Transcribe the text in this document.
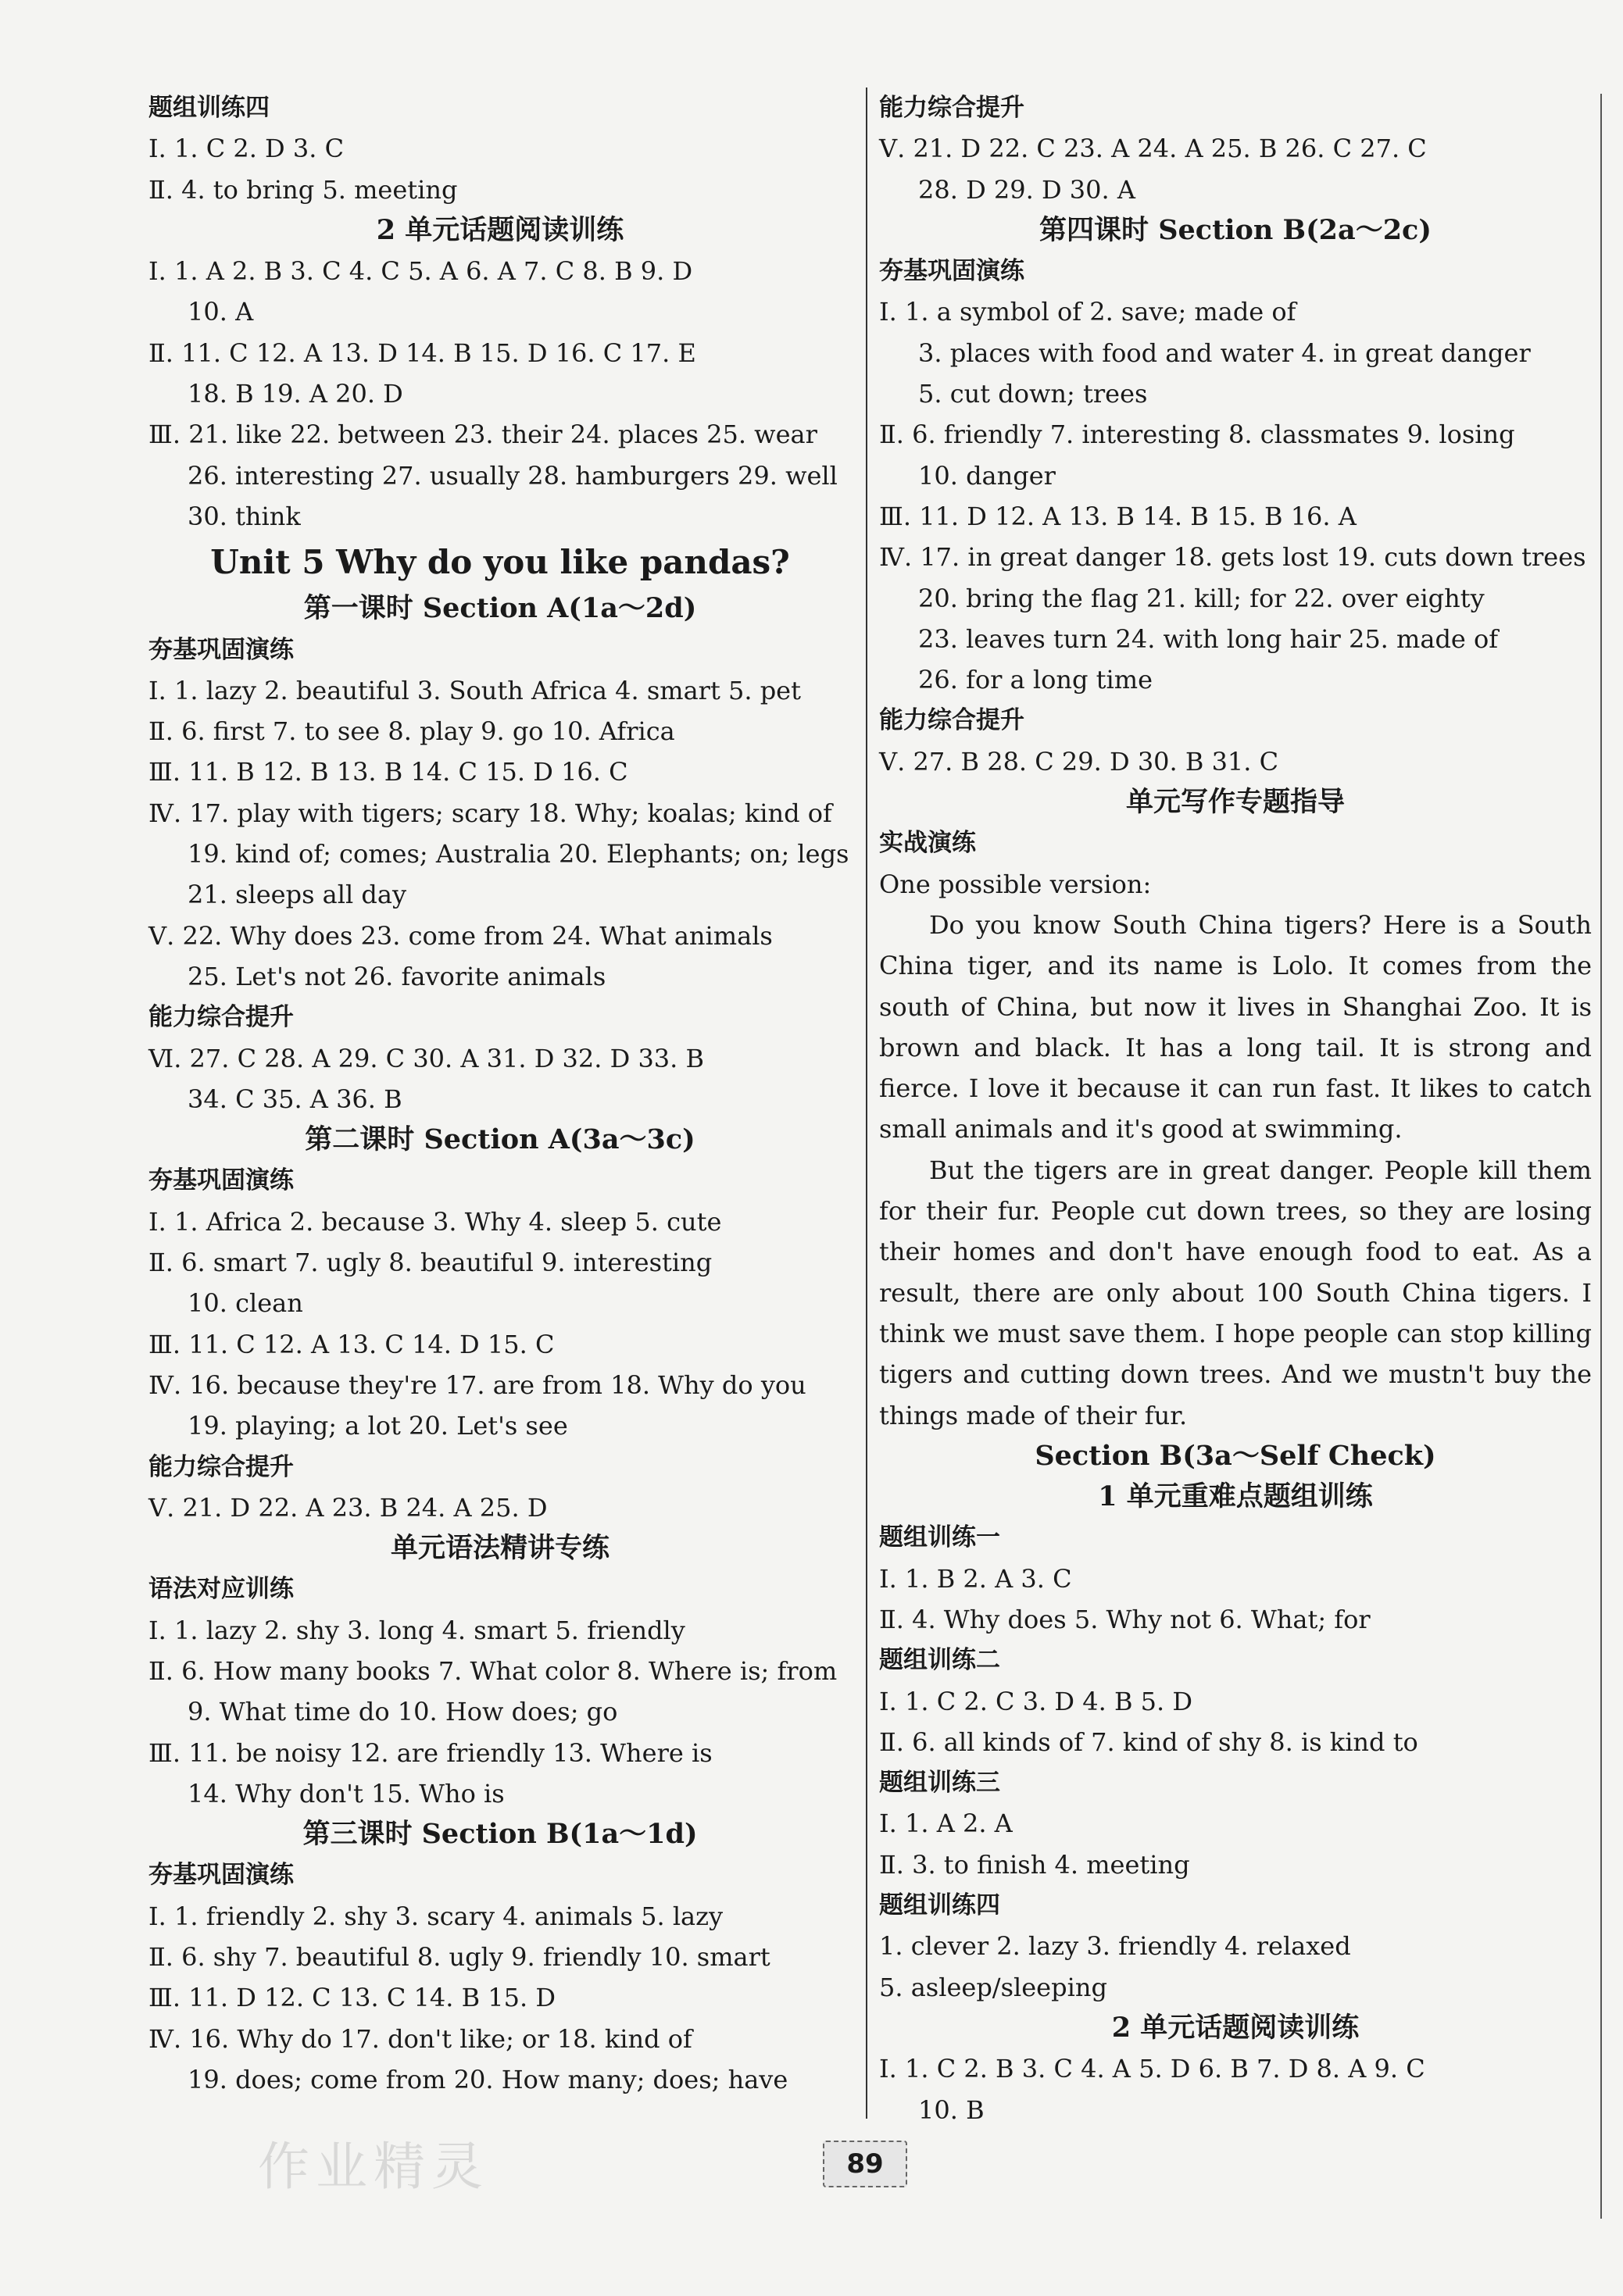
题组训练四
Ⅰ. 1. C 2. D 3. C
Ⅱ. 4. to bring 5. meeting
2 单元话题阅读训练
Ⅰ. 1. A 2. B 3. C 4. C 5. A 6. A 7. C 8. B 9. D
10. A
Ⅱ. 11. C 12. A 13. D 14. B 15. D 16. C 17. E
18. B 19. A 20. D
Ⅲ. 21. like 22. between 23. their 24. places 25. wear
26. interesting 27. usually 28. hamburgers 29. well
30. think
Unit 5 Why do you like pandas?
第一课时 Section A(1a～2d)
夯基巩固演练
Ⅰ. 1. lazy 2. beautiful 3. South Africa 4. smart 5. pet
Ⅱ. 6. first 7. to see 8. play 9. go 10. Africa
Ⅲ. 11. B 12. B 13. B 14. C 15. D 16. C
Ⅳ. 17. play with tigers; scary 18. Why; koalas; kind of
19. kind of; comes; Australia 20. Elephants; on; legs
21. sleeps all day
Ⅴ. 22. Why does 23. come from 24. What animals
25. Let's not 26. favorite animals
能力综合提升
Ⅵ. 27. C 28. A 29. C 30. A 31. D 32. D 33. B
34. C 35. A 36. B
第二课时 Section A(3a～3c)
夯基巩固演练
Ⅰ. 1. Africa 2. because 3. Why 4. sleep 5. cute
Ⅱ. 6. smart 7. ugly 8. beautiful 9. interesting
10. clean
Ⅲ. 11. C 12. A 13. C 14. D 15. C
Ⅳ. 16. because they're 17. are from 18. Why do you
19. playing; a lot 20. Let's see
能力综合提升
Ⅴ. 21. D 22. A 23. B 24. A 25. D
单元语法精讲专练
语法对应训练
Ⅰ. 1. lazy 2. shy 3. long 4. smart 5. friendly
Ⅱ. 6. How many books 7. What color 8. Where is; from
9. What time do 10. How does; go
Ⅲ. 11. be noisy 12. are friendly 13. Where is
14. Why don't 15. Who is
第三课时 Section B(1a～1d)
夯基巩固演练
Ⅰ. 1. friendly 2. shy 3. scary 4. animals 5. lazy
Ⅱ. 6. shy 7. beautiful 8. ugly 9. friendly 10. smart
Ⅲ. 11. D 12. C 13. C 14. B 15. D
Ⅳ. 16. Why do 17. don't like; or 18. kind of
19. does; come from 20. How many; does; have
能力综合提升
Ⅴ. 21. D 22. C 23. A 24. A 25. B 26. C 27. C
28. D 29. D 30. A
第四课时 Section B(2a～2c)
夯基巩固演练
Ⅰ. 1. a symbol of 2. save; made of
3. places with food and water 4. in great danger
5. cut down; trees
Ⅱ. 6. friendly 7. interesting 8. classmates 9. losing
10. danger
Ⅲ. 11. D 12. A 13. B 14. B 15. B 16. A
Ⅳ. 17. in great danger 18. gets lost 19. cuts down trees
20. bring the flag 21. kill; for 22. over eighty
23. leaves turn 24. with long hair 25. made of
26. for a long time
能力综合提升
Ⅴ. 27. B 28. C 29. D 30. B 31. C
单元写作专题指导
实战演练
One possible version:
Do you know South China tigers? Here is a South China tiger, and its name is Lolo. It comes from the south of China, but now it lives in Shanghai Zoo. It is brown and black. It has a long tail. It is strong and fierce. I love it because it can run fast. It likes to catch small animals and it's good at swimming.
But the tigers are in great danger. People kill them for their fur. People cut down trees, so they are losing their homes and don't have enough food to eat. As a result, there are only about 100 South China tigers. I think we must save them. I hope people can stop killing tigers and cutting down trees. And we mustn't buy the things made of their fur.
Section B(3a～Self Check)
1 单元重难点题组训练
题组训练一
Ⅰ. 1. B 2. A 3. C
Ⅱ. 4. Why does 5. Why not 6. What; for
题组训练二
Ⅰ. 1. C 2. C 3. D 4. B 5. D
Ⅱ. 6. all kinds of 7. kind of shy 8. is kind to
题组训练三
Ⅰ. 1. A 2. A
Ⅱ. 3. to finish 4. meeting
题组训练四
1. clever 2. lazy 3. friendly 4. relaxed
5. asleep/sleeping
2 单元话题阅读训练
Ⅰ. 1. C 2. B 3. C 4. A 5. D 6. B 7. D 8. A 9. C
10. B
作业精灵	89
